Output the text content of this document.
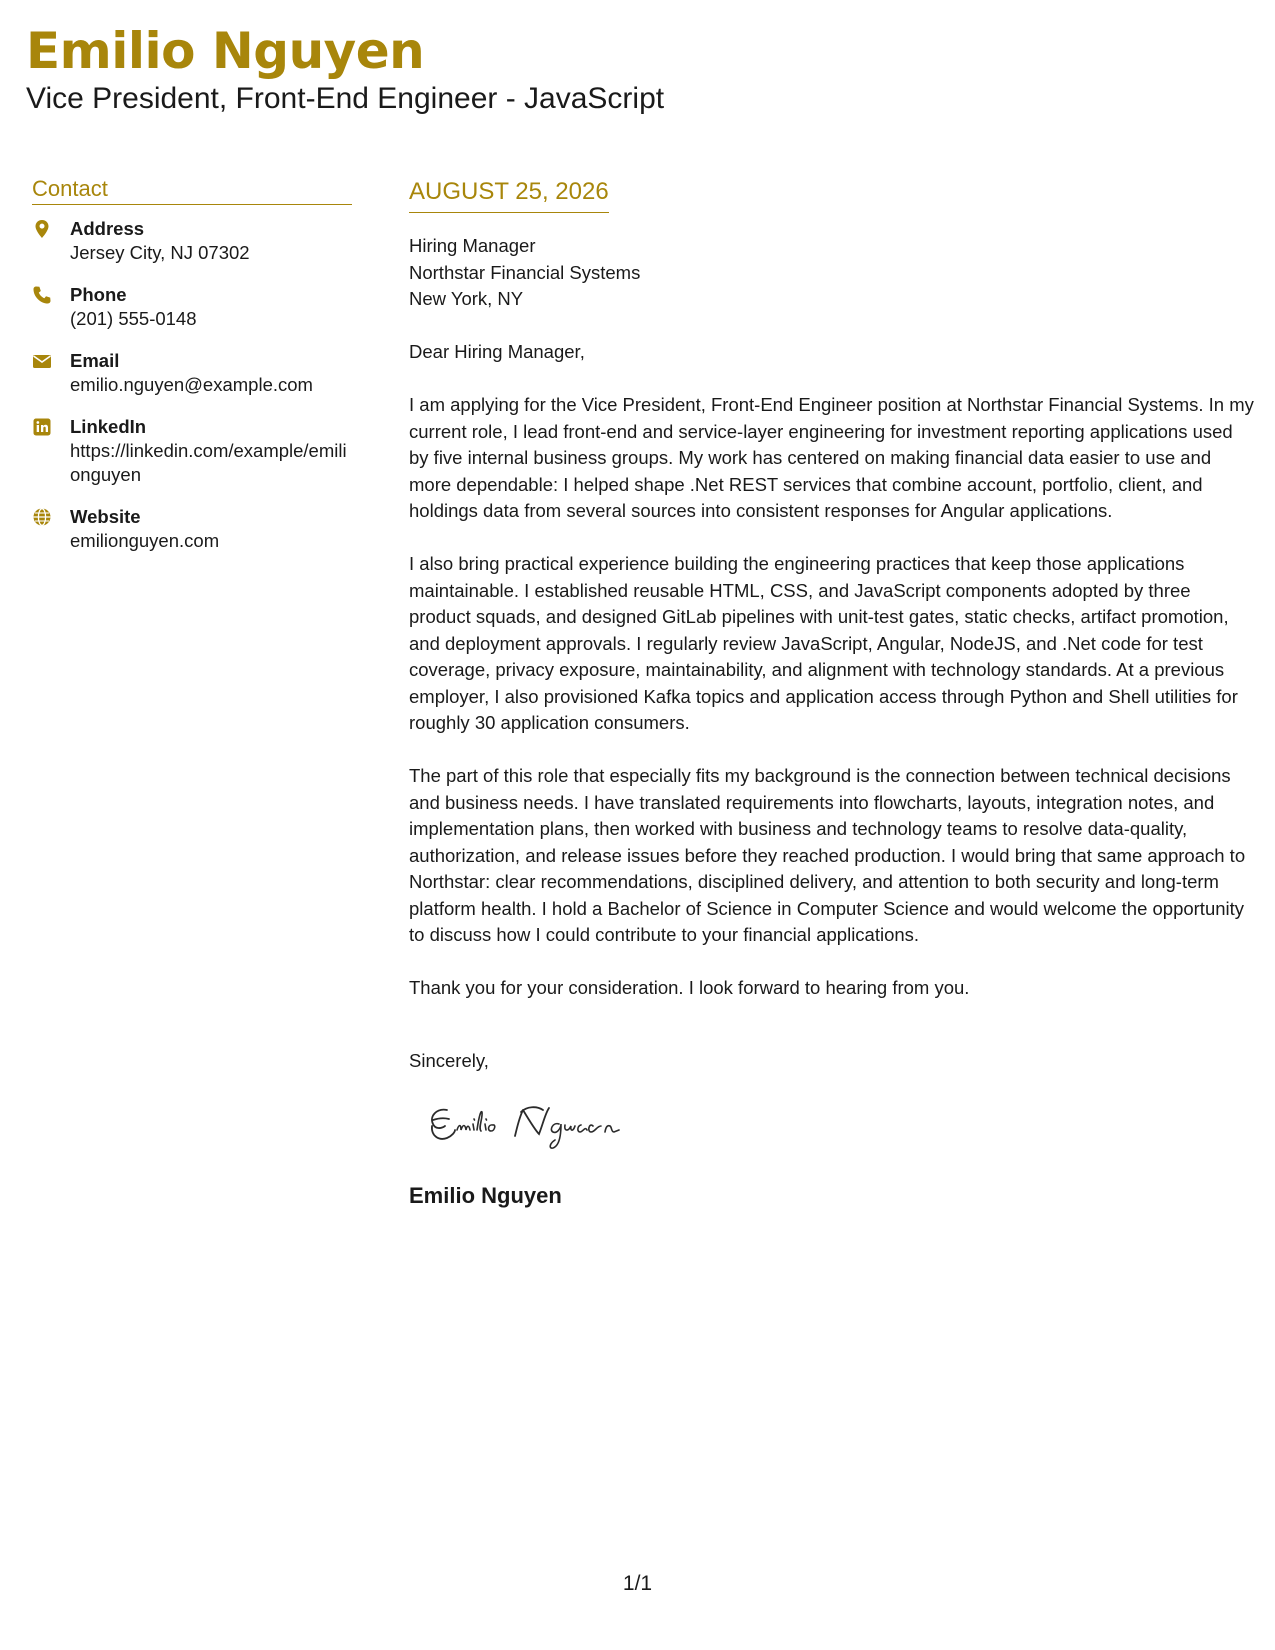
Emilio Nguyen
Vice President, Front-End Engineer - JavaScript
Contact
Address
Jersey City, NJ 07302
Phone
(201) 555-0148
Email
emilio.nguyen@example.com
LinkedIn
https://linkedin.com/example/emilionguyen
Website
emilionguyen.com
AUGUST 25, 2026
Hiring Manager
Northstar Financial Systems
New York, NY

Dear Hiring Manager,

I am applying for the Vice President, Front-End Engineer position at Northstar Financial Systems. In my current role, I lead front-end and service-layer engineering for investment reporting applications used by five internal business groups. My work has centered on making financial data easier to use and more dependable: I helped shape .Net REST services that combine account, portfolio, client, and holdings data from several sources into consistent responses for Angular applications.

I also bring practical experience building the engineering practices that keep those applications maintainable. I established reusable HTML, CSS, and JavaScript components adopted by three product squads, and designed GitLab pipelines with unit-test gates, static checks, artifact promotion, and deployment approvals. I regularly review JavaScript, Angular, NodeJS, and .Net code for test coverage, privacy exposure, maintainability, and alignment with technology standards. At a previous employer, I also provisioned Kafka topics and application access through Python and Shell utilities for roughly 30 application consumers.

The part of this role that especially fits my background is the connection between technical decisions and business needs. I have translated requirements into flowcharts, layouts, integration notes, and implementation plans, then worked with business and technology teams to resolve data-quality, authorization, and release issues before they reached production. I would bring that same approach to Northstar: clear recommendations, disciplined delivery, and attention to both security and long-term platform health. I hold a Bachelor of Science in Computer Science and would welcome the opportunity to discuss how I could contribute to your financial applications.

Thank you for your consideration. I look forward to hearing from you.

Sincerely,
Emilio Nguyen
1/1
